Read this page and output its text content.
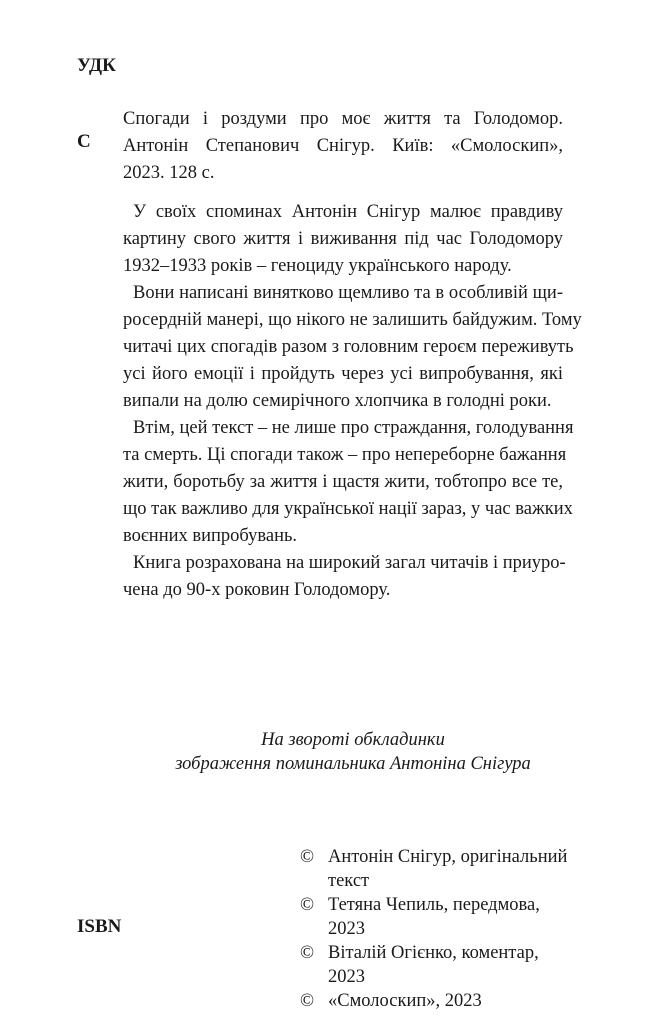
УДК
С
Спогади і роздуми про моє життя та Голодомор.
Антонін Степанович Снігур. Київ: «Смолоскип»,
2023. 128 с.

У своїх споминах Антонін Снігур малює правдиву
картину свого життя і виживання під час Голодомору
1932–1933 років – геноциду українського народу.

Вони написані винятково щемливо та в особливій щи-
росердній манері, що нікого не залишить байдужим. Тому
читачі цих спогадів разом з головним героєм переживуть
усі його емоції і пройдуть через усі випробування, які
випали на долю семирічного хлопчика в голодні роки.

Втім, цей текст – не лише про страждання, голодування
та смерть. Ці спогади також – про непереборне бажання
жити, боротьбу за життя і щастя жити, тобтопро все те,
що так важливо для української нації зараз, у час важких
воєнних випробувань.

Книга розрахована на широкий загал читачів і приуро-
чена до 90-х роковин Голодомору.

На звороті обкладинки
зображення поминальника Антоніна Снігура
ISBN
© Антонін Снігур, оригінальний текст
© Тетяна Чепиль, передмова, 2023
© Віталій Огієнко, коментар, 2023
© «Смолоскип», 2023
